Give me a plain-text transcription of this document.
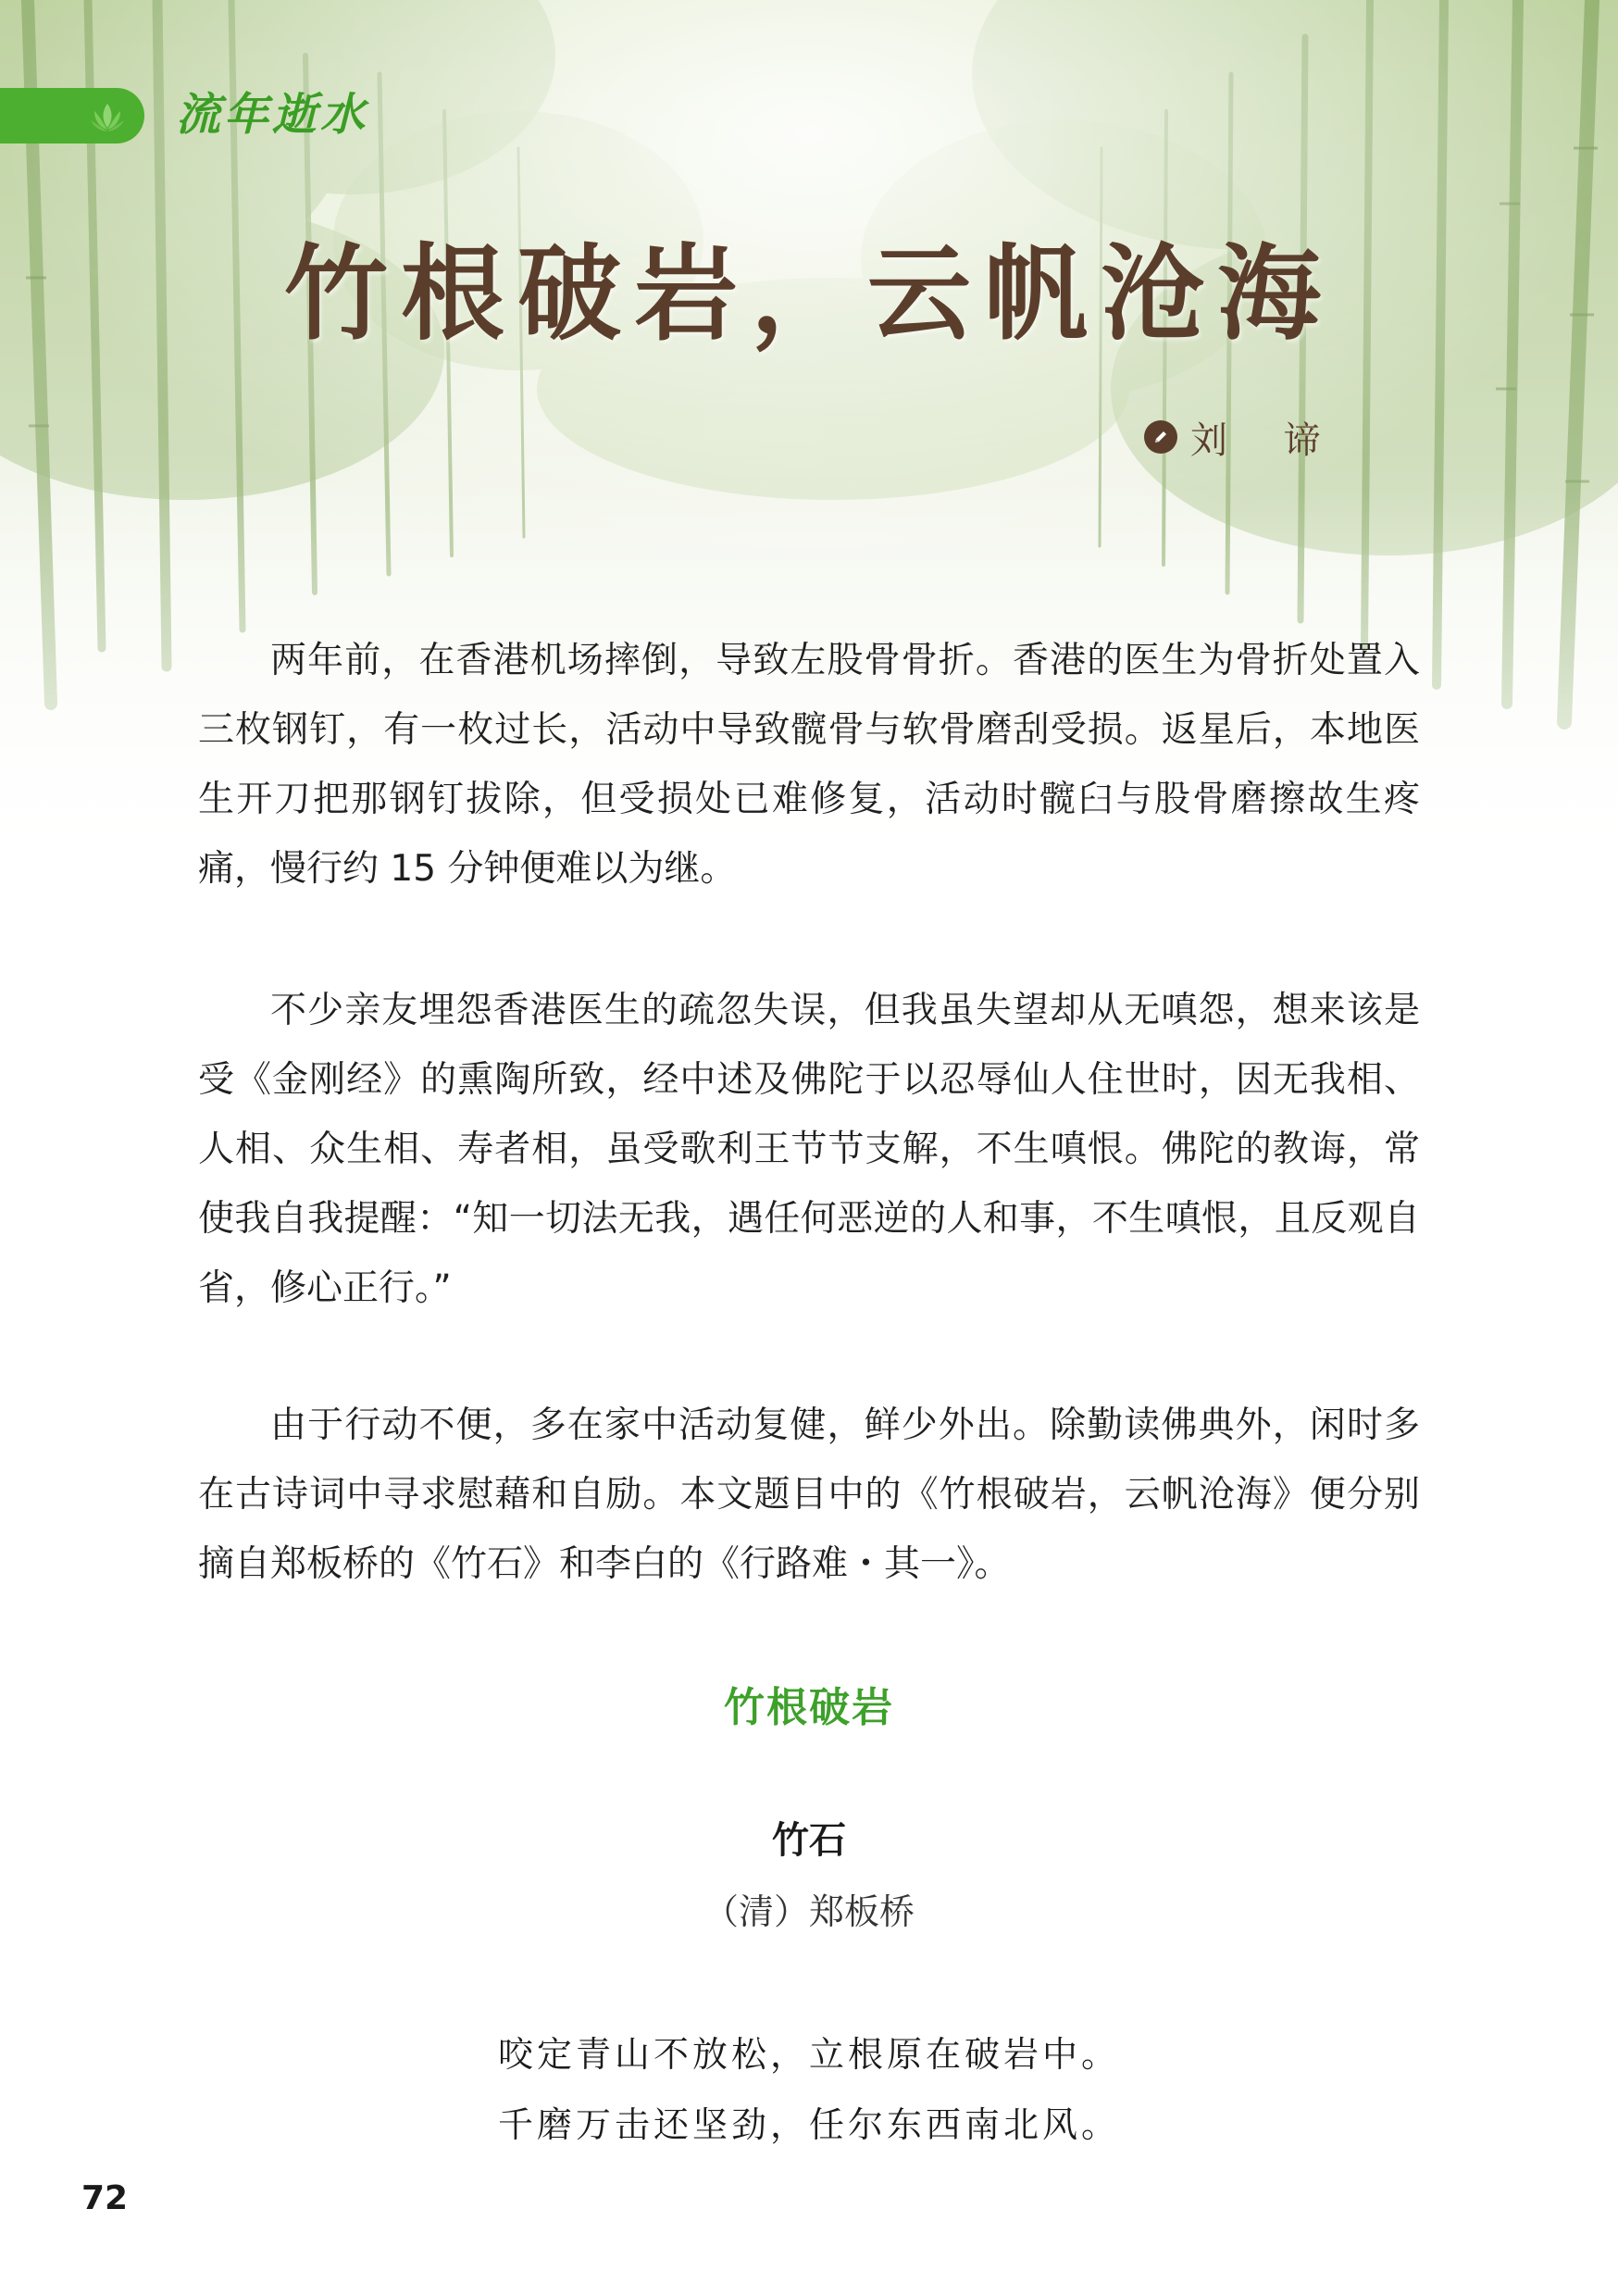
流年逝水
竹根破岩，云帆沧海
刘 谛

两年前，在香港机场摔倒，导致左股骨骨折。香港的医生为骨折处置入三枚钢钉，有一枚过长，活动中导致髋骨与软骨磨刮受损。返星后，本地医生开刀把那钢钉拔除，但受损处已难修复，活动时髋臼与股骨磨擦故生疼痛，慢行约 15 分钟便难以为继。

不少亲友埋怨香港医生的疏忽失误，但我虽失望却从无嗔怨，想来该是受《金刚经》的熏陶所致，经中述及佛陀于以忍辱仙人住世时，因无我相、人相、众生相、寿者相，虽受歌利王节节支解，不生嗔恨。佛陀的教诲，常使我自我提醒：“知一切法无我，遇任何恶逆的人和事，不生嗔恨，且反观自省，修心正行。”

由于行动不便，多在家中活动复健，鲜少外出。除勤读佛典外，闲时多在古诗词中寻求慰藉和自励。本文题目中的《竹根破岩，云帆沧海》便分别摘自郑板桥的《竹石》和李白的《行路难・其一》。

竹根破岩
竹石
（清）郑板桥
咬定青山不放松，立根原在破岩中。
千磨万击还坚劲，任尔东西南北风。
72
